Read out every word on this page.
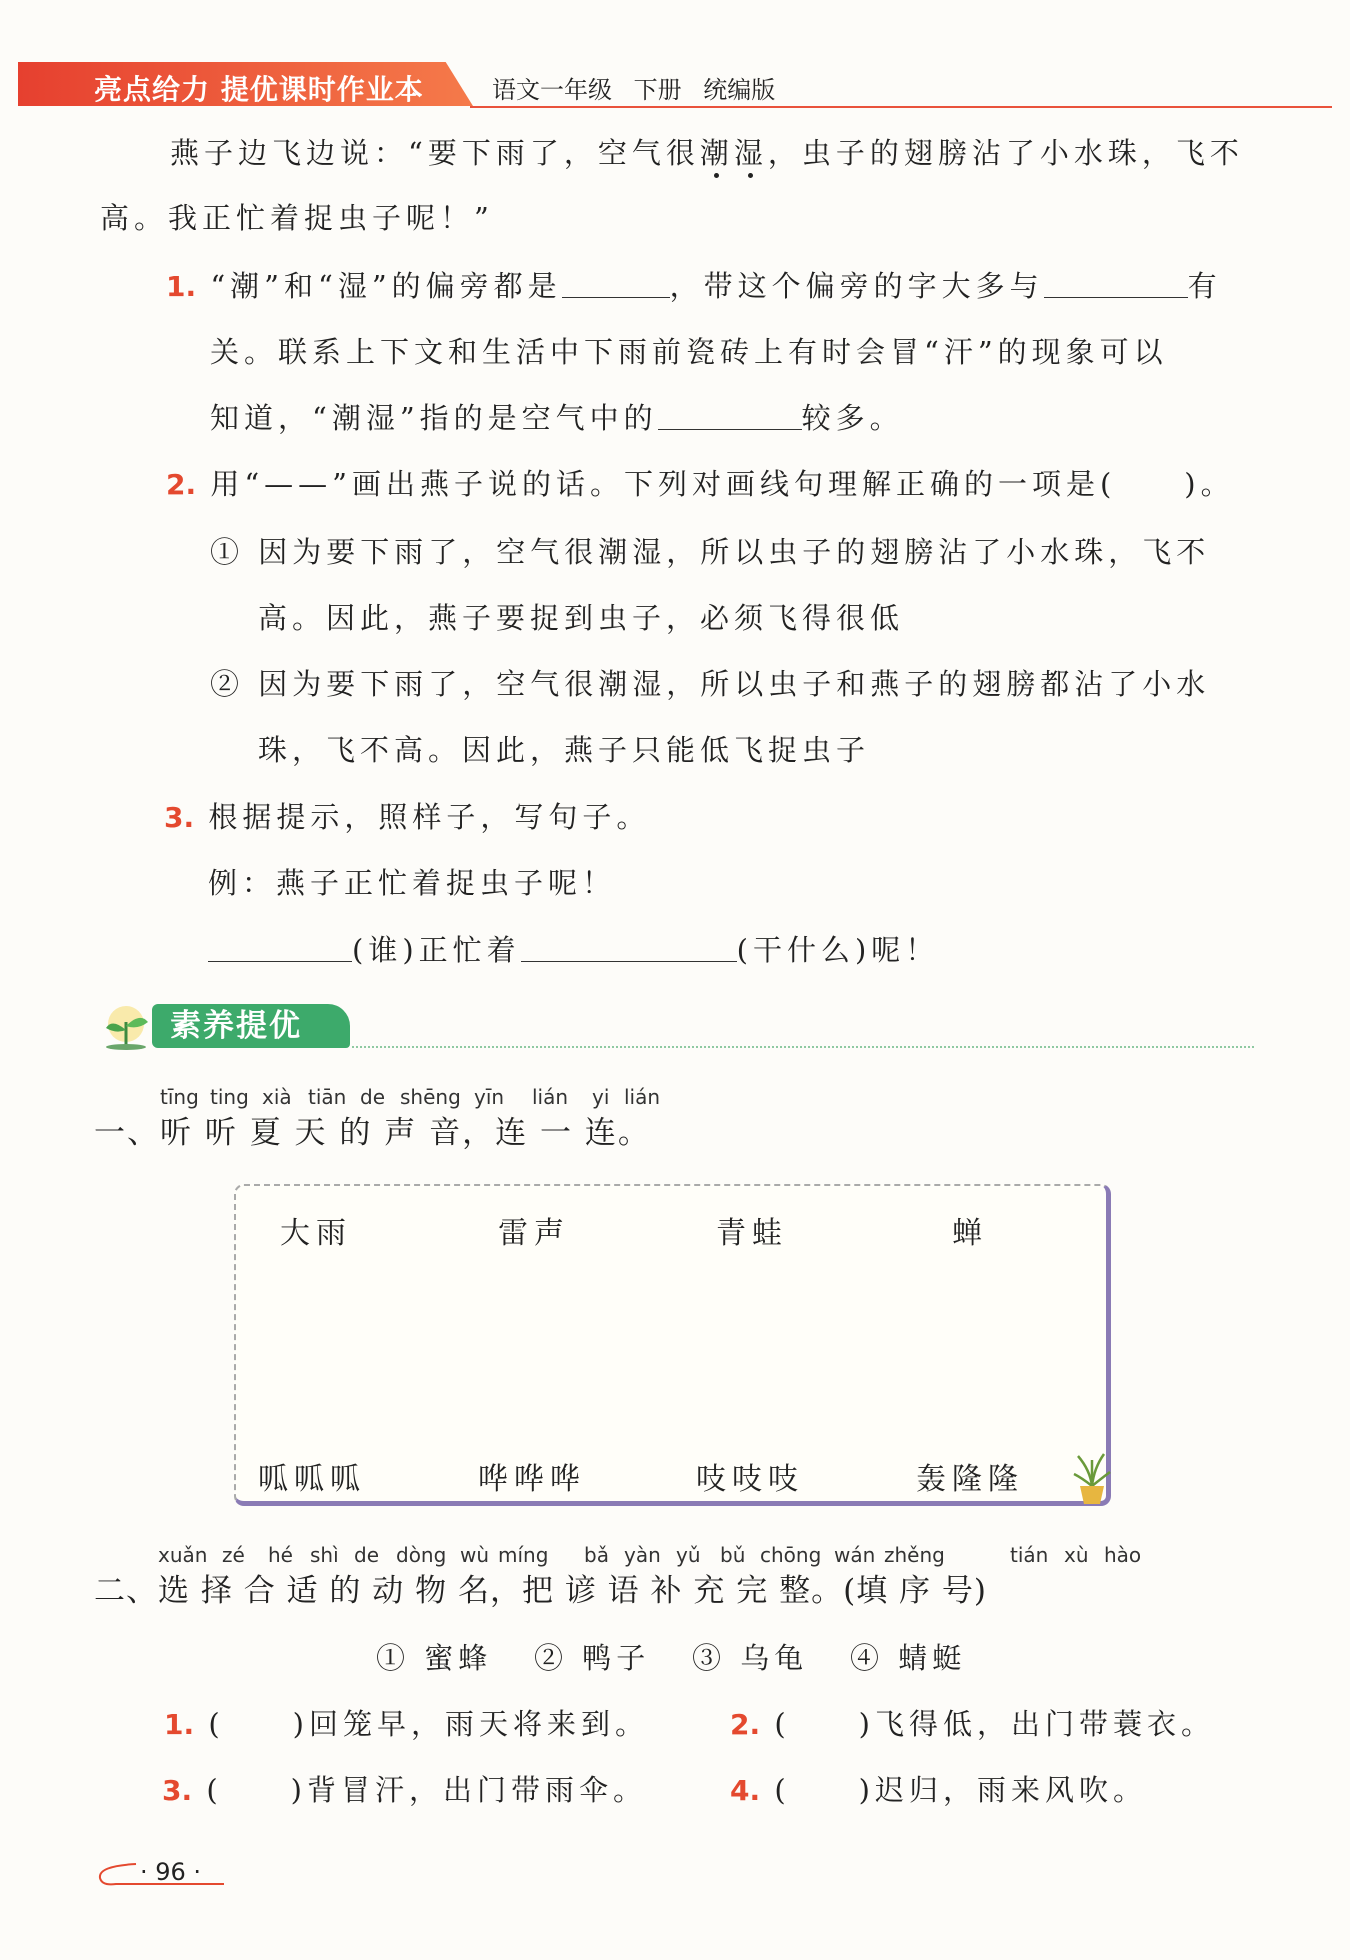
亮点给力 提优课时作业本	语文一年级 下册 统编版
燕子边飞边说：“要下雨了，空气很潮湿，虫子的翅膀沾了小水珠，飞不
高。我正忙着捉虫子呢！”
1. “潮”和“湿”的偏旁都是	，带这个偏旁的字大多与	有
关。联系上下文和生活中下雨前瓷砖上有时会冒“汗”的现象可以
知道，“潮湿”指的是空气中的	较多。
2. 用“——”画出燕子说的话。下列对画线句理解正确的一项是(　　)。
① 因为要下雨了，空气很潮湿，所以虫子的翅膀沾了小水珠，飞不
高。因此，燕子要捉到虫子，必须飞得很低
② 因为要下雨了，空气很潮湿，所以虫子和燕子的翅膀都沾了小水
珠，飞不高。因此，燕子只能低飞捉虫子
3. 根据提示，照样子，写句子。
例：燕子正忙着捉虫子呢！
(谁)正忙着	(干什么)呢！
素养提优
tīng ting xià tiān de shēng yīn lián yi lián
一、听 听 夏 天 的 声 音，连 一 连。
大雨	雷声	青蛙	蝉
呱呱呱	哗哗哗	吱吱吱	轰隆隆
xuǎn zé hé shì de dòng wù míng bǎ yàn yǔ bǔ chōng wán zhěng	tián xù hào
二、选 择 合 适 的 动 物 名，把 谚 语 补 充 完 整。(填 序 号)
① 蜜蜂 ② 鸭子 ③ 乌龟 ④ 蜻蜓
1. (　　)回笼早，雨天将来到。	2. (　　)飞得低，出门带蓑衣。
3. (　　)背冒汗，出门带雨伞。	4. (　　)迟归，雨来风吹。
· 96 ·
